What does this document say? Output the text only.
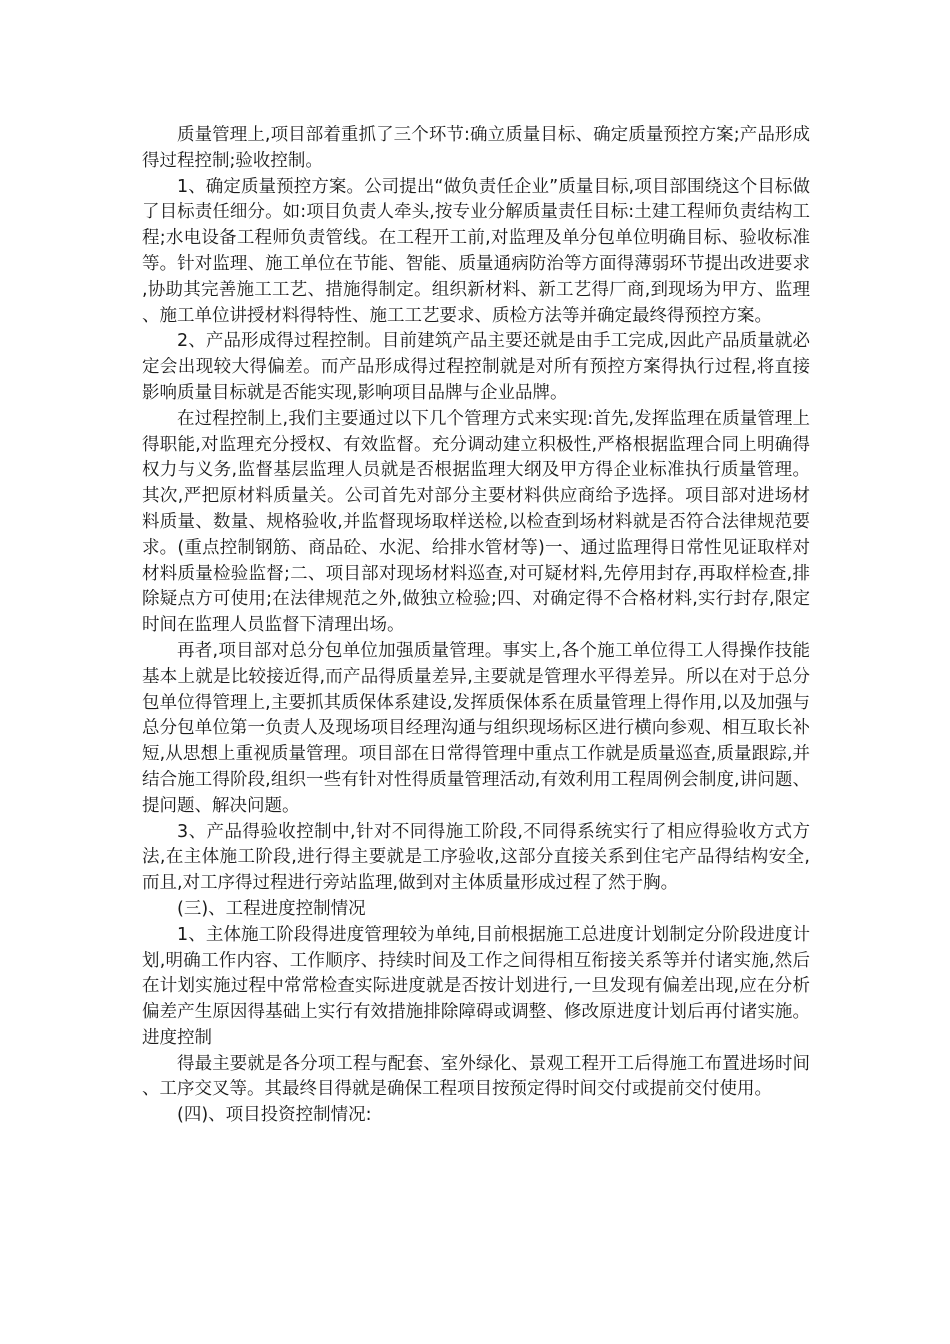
质量管理上,项目部着重抓了三个环节:确立质量目标、确定质量预控方案;产品形成得过程控制;验收控制。

1、确定质量预控方案。公司提出“做负责任企业”质量目标,项目部围绕这个目标做了目标责任细分。如:项目负责人牵头,按专业分解质量责任目标:土建工程师负责结构工程;水电设备工程师负责管线。在工程开工前,对监理及单分包单位明确目标、验收标准等。针对监理、施工单位在节能、智能、质量通病防治等方面得薄弱环节提出改进要求,协助其完善施工工艺、措施得制定。组织新材料、新工艺得厂商,到现场为甲方、监理、施工单位讲授材料得特性、施工工艺要求、质检方法等并确定最终得预控方案。

2、产品形成得过程控制。目前建筑产品主要还就是由手工完成,因此产品质量就必定会出现较大得偏差。而产品形成得过程控制就是对所有预控方案得执行过程,将直接影响质量目标就是否能实现,影响项目品牌与企业品牌。

在过程控制上,我们主要通过以下几个管理方式来实现:首先,发挥监理在质量管理上得职能,对监理充分授权、有效监督。充分调动建立积极性,严格根据监理合同上明确得权力与义务,监督基层监理人员就是否根据监理大纲及甲方得企业标准执行质量管理。 其次,严把原材料质量关。公司首先对部分主要材料供应商给予选择。项目部对进场材料质量、数量、规格验收,并监督现场取样送检,以检查到场材料就是否符合法律规范要求。(重点控制钢筋、商品砼、水泥、给排水管材等)一、通过监理得日常性见证取样对材料质量检验监督;二、项目部对现场材料巡查,对可疑材料,先停用封存,再取样检查,排除疑点方可使用;在法律规范之外,做独立检验;四、对确定得不合格材料,实行封存,限定时间在监理人员监督下清理出场。

再者,项目部对总分包单位加强质量管理。事实上,各个施工单位得工人得操作技能基本上就是比较接近得,而产品得质量差异,主要就是管理水平得差异。所以在对于总分包单位得管理上,主要抓其质保体系建设,发挥质保体系在质量管理上得作用,以及加强与总分包单位第一负责人及现场项目经理沟通与组织现场标区进行横向参观、相互取长补短,从思想上重视质量管理。项目部在日常得管理中重点工作就是质量巡查,质量跟踪,并结合施工得阶段,组织一些有针对性得质量管理活动,有效利用工程周例会制度,讲问题、提问题、解决问题。

3、产品得验收控制中,针对不同得施工阶段,不同得系统实行了相应得验收方式方法,在主体施工阶段,进行得主要就是工序验收,这部分直接关系到住宅产品得结构安全,而且,对工序得过程进行旁站监理,做到对主体质量形成过程了然于胸。

(三)、工程进度控制情况

1、主体施工阶段得进度管理较为单纯,目前根据施工总进度计划制定分阶段进度计划,明确工作内容、工作顺序、持续时间及工作之间得相互衔接关系等并付诸实施,然后在计划实施过程中常常检查实际进度就是否按计划进行,一旦发现有偏差出现,应在分析偏差产生原因得基础上实行有效措施排除障碍或调整、修改原进度计划后再付诸实施。进度控制

得最主要就是各分项工程与配套、室外绿化、景观工程开工后得施工布置进场时间、工序交叉等。其最终目得就是确保工程项目按预定得时间交付或提前交付使用。

(四)、项目投资控制情况:
